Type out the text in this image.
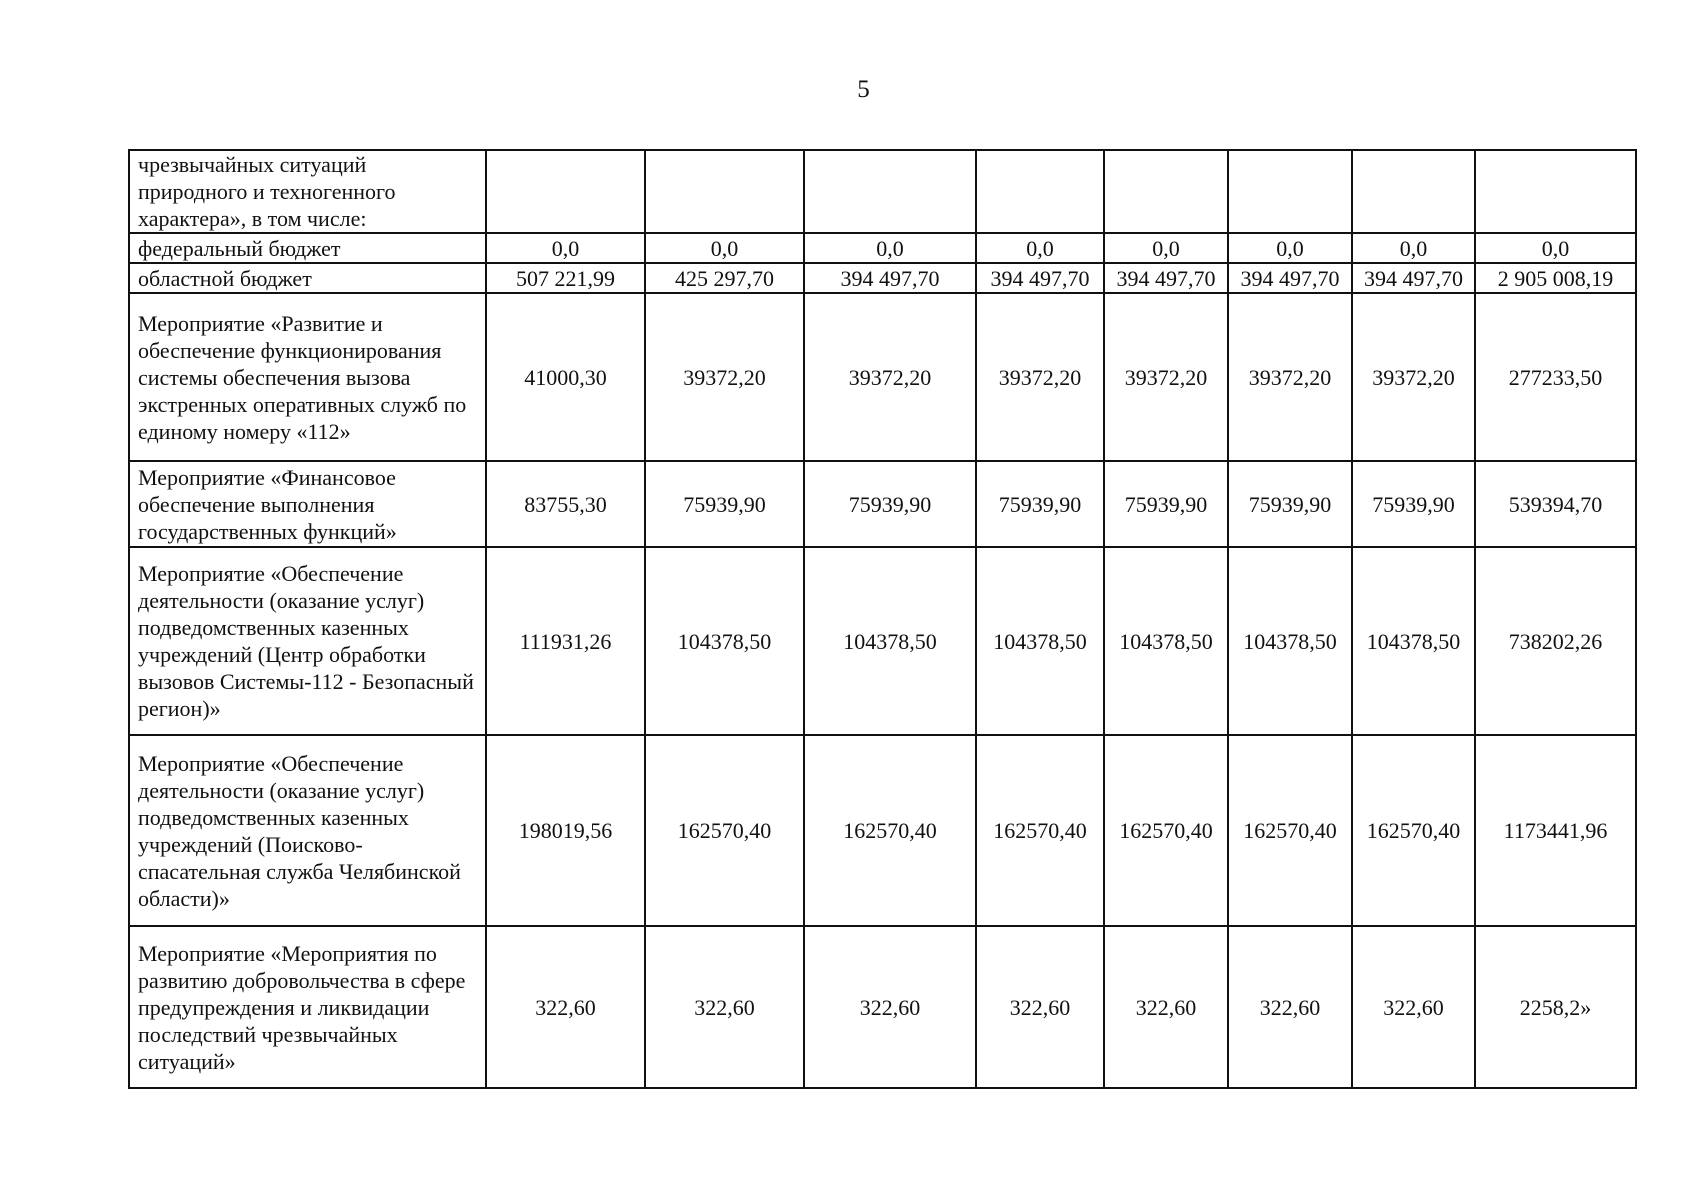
5
чрезвычайных ситуаций природного и техногенного характера», в том числе:								
федеральный бюджет	0,0	0,0	0,0	0,0	0,0	0,0	0,0	0,0
областной бюджет	507 221,99	425 297,70	394 497,70	394 497,70	394 497,70	394 497,70	394 497,70	2 905 008,19
Мероприятие «Развитие и обеспечение функционирования системы обеспечения вызова экстренных оперативных служб по единому номеру «112»	41000,30	39372,20	39372,20	39372,20	39372,20	39372,20	39372,20	277233,50
Мероприятие «Финансовое обеспечение выполнения государственных функций»	83755,30	75939,90	75939,90	75939,90	75939,90	75939,90	75939,90	539394,70
Мероприятие «Обеспечение деятельности (оказание услуг) подведомственных казенных учреждений (Центр обработки вызовов Системы-112 - Безопасный регион)»	111931,26	104378,50	104378,50	104378,50	104378,50	104378,50	104378,50	738202,26
Мероприятие «Обеспечение деятельности (оказание услуг) подведомственных казенных учреждений (Поисково-спасательная служба Челябинской области)»	198019,56	162570,40	162570,40	162570,40	162570,40	162570,40	162570,40	1173441,96
Мероприятие «Мероприятия по развитию добровольчества в сфере предупреждения и ликвидации последствий чрезвычайных ситуаций»	322,60	322,60	322,60	322,60	322,60	322,60	322,60	2258,2»
